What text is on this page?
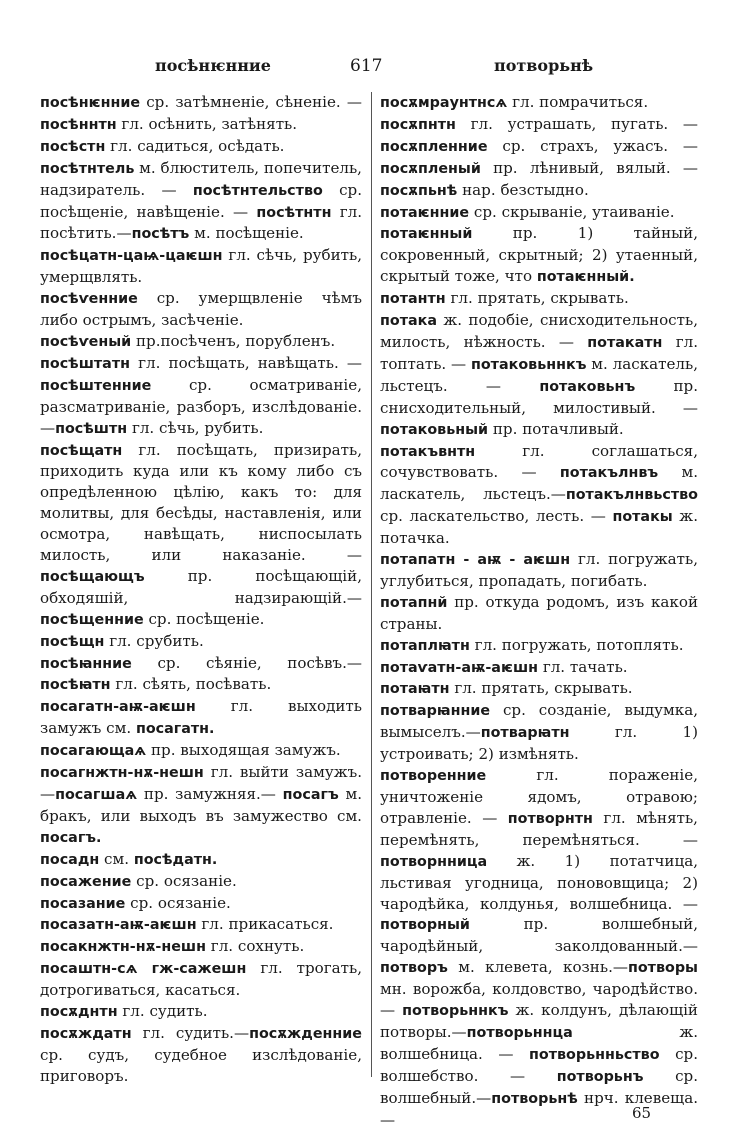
посѣнѥнние	617	потворьнѣ

посѣнѥнние ср. затѣмненіе, сѣненіе. — посѣннтн гл. осѣнить, затѣнять.

посѣстн гл. садиться, осѣдать.

посѣтнтель м. блюститель, попечитель, надзиратель. — посѣтнтельство ср. посѣщеніе, навѣщеніе. — посѣтнтн гл. посѣтить.—посѣтъ м. посѣщеніе.

посѣцатн-цаѩ-цаѥшн гл. сѣчь, рубить, умерщвлять.

посѣѵенние ср. умерщвленіе чѣмъ либо острымъ, засѣченіе.

посѣѵеный пр.посѣченъ, порубленъ.

посѣштатн гл. посѣщать, навѣщать. — посѣштенние ср. осматриваніе, разсматриваніе, разборъ, изслѣдованіе.—посѣштн гл. сѣчь, рубить.

посѣщатн гл. посѣщать, призирать, приходить куда или къ кому либо съ опредѣленною цѣлію, какъ то: для молитвы, для бесѣды, наставленія, или осмотра, навѣщать, ниспосылать милость, или наказаніе. — посѣщающъ пр. посѣщающій, обходяшій, надзирающій.—посѣщенние ср. посѣщеніе.

посѣщн гл. срубить.

посѣꙗнние ср. сѣяніе, посѣвъ.—посѣꙗтн гл. сѣять, посѣвать.

посагатн-аѭ-аѥшн гл. выходить замужъ см. посагатн.

посагающаѧ пр. выходящая замужъ.

посагнжтн-нѫ-нешн гл. выйти замужъ.—посагшаѧ пр. замужняя.— посагъ м. бракъ, или выходъ въ замужество см. посагъ.

посадн см. посѣдатн.

посажение ср. осязаніе.

посазание ср. осязаніе.

посазатн-аѭ-аѥшн гл. прикасаться.

посакнжтн-нѫ-нешн гл. сохнуть.

посаштн-сѧ гж-сажешн гл. трогать, дотрогиваться, касаться.

посѫднтн гл. судить.

посѫждатн гл. судить.—посѫжденние ср. судъ, судебное изслѣдованіе, приговоръ.

посѫмраунтнсѧ гл. помрачиться.

посѫпнтн гл. устрашать, пугать. — посѫпленние ср. страхъ, ужасъ. — посѫпленый пр. лѣнивый, вялый. —посѫпьнѣ нар. безстыдно.

потаѥнние ср. скрываніе, утаиваніе.

потаѥнный пр. 1) тайный, сокровенный, скрытный; 2) утаенный, скрытый тоже, что потаѥнный.

потантн гл. прятать, скрывать.

потака ж. подобіе, снисходительность, милость, нѣжность. — потакатн гл. топтать. — потаковьннкъ м. ласкатель, льстецъ. — потаковьнъ пр. снисходительный, милостивый. — потаковьный пр. потачливый.

потакъвнтн гл. соглашаться, сочувствовать. — потакълнвъ м. ласкатель, льстецъ.—потакълнвьство ср. ласкательство, лесть. — потакы ж. потачка.

потапатн - аѭ - аѥшн гл. погружать, углубиться, пропадать, погибать.

потапнй пр. откуда родомъ, изъ какой страны.

потаплꙗтн гл. погружать, потоплять.

потаѵатн-аѭ-аѥшн гл. тачать.

потаꙗтн гл. прятать, скрывать.

потварꙗнние ср. созданіе, выдумка, вымыселъ.—потварꙗтн гл. 1) устроивать; 2) измѣнять.

потворенние гл. пораженіе, уничтоженіе ядомъ, отравою; отравленіе. — потворнтн гл. мѣнять, перемѣнять, перемѣняться. — потворнница ж. 1) потатчица, льстивая угодница, понововщица; 2) чародѣйка, колдунья, волшебница. — потворный пр. волшебный, чародѣйный, заколдованный.— потворъ м. клевета, кознь.—потворы мн. ворожба, колдовство, чародѣйство. — потворьннкъ ж. колдунъ, дѣлающій потворы.—потворьннца ж. волшебница. — потворьнньство ср. волшебство. — потворьнъ ср. волшебный.—потворьнѣ нрч. клевеща. —	65
